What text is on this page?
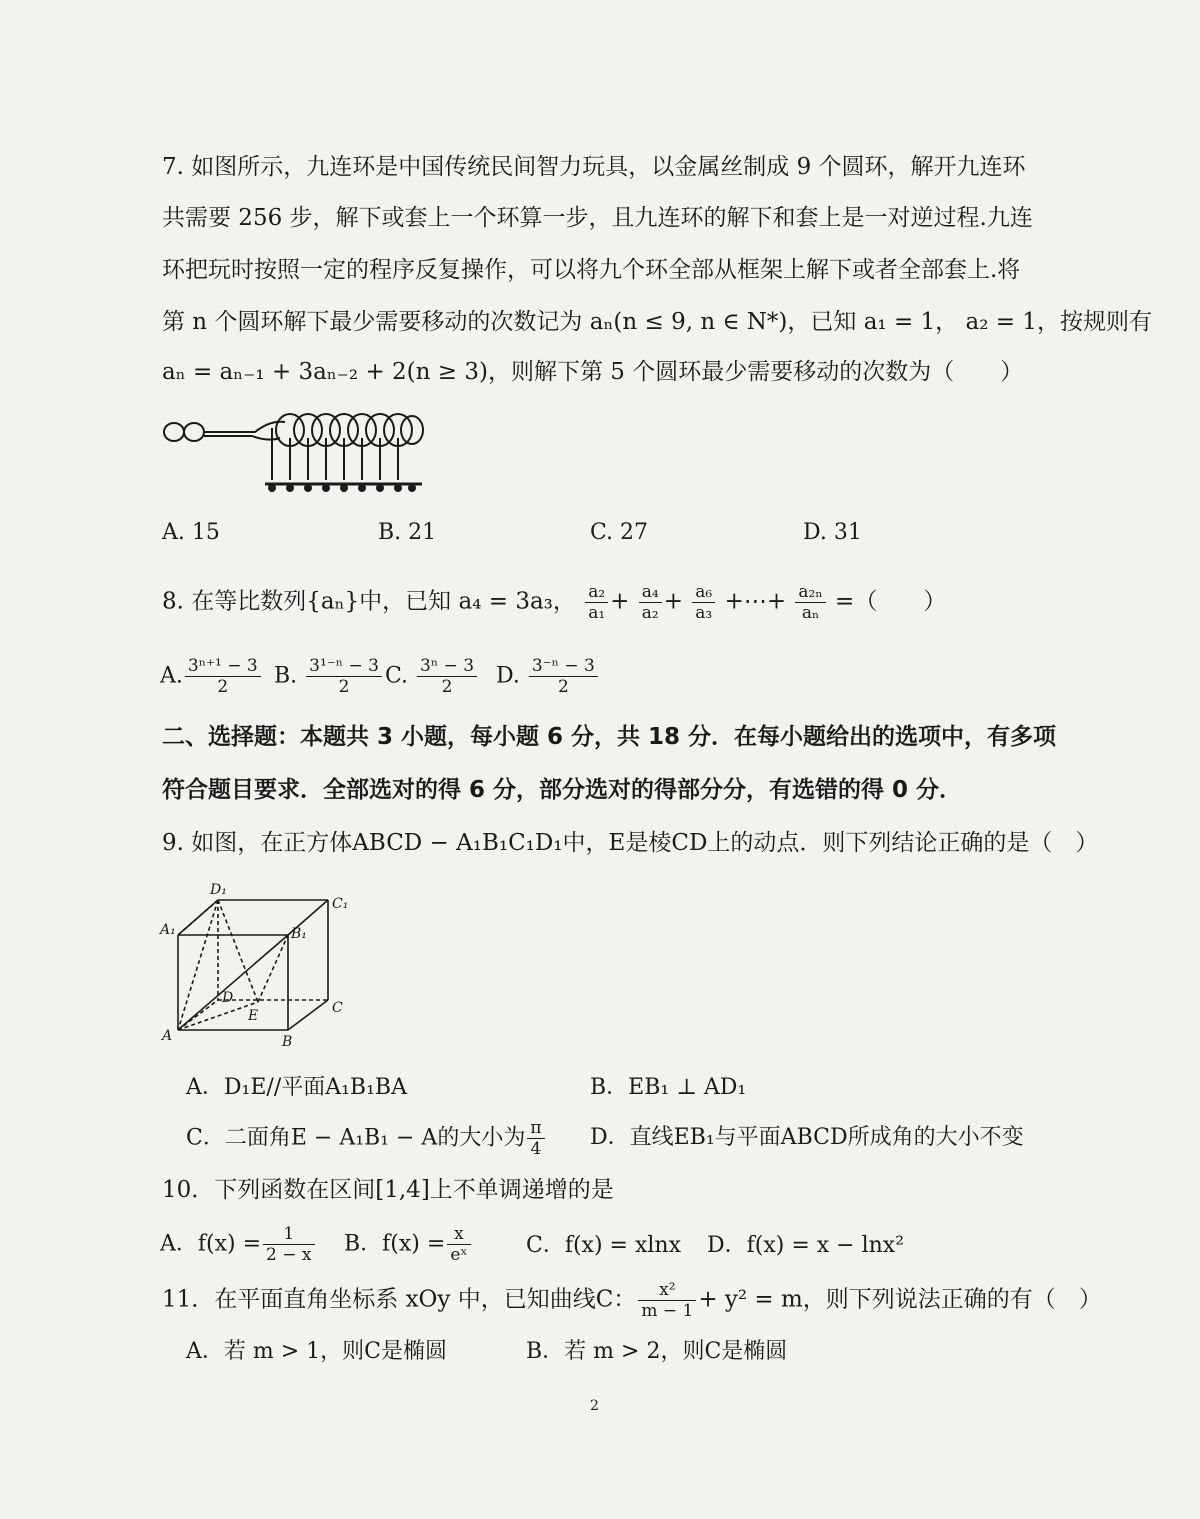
7. 如图所示，九连环是中国传统民间智力玩具，以金属丝制成 9 个圆环，解开九连环
共需要 256 步，解下或套上一个环算一步，且九连环的解下和套上是一对逆过程.九连
环把玩时按照一定的程序反复操作，可以将九个环全部从框架上解下或者全部套上.将
第 n 个圆环解下最少需要移动的次数记为 aₙ(n ≤ 9, n ∈ N*)，已知 a₁ = 1， a₂ = 1，按规则有
aₙ = aₙ₋₁ + 3aₙ₋₂ + 2(n ≥ 3)，则解下第 5 个圆环最少需要移动的次数为（　　）
A. 15	B. 21	C. 27	D. 31
8. 在等比数列{aₙ}中，已知 a₄ = 3a₃， $\frac{\text{a₂}}{\text{a₁}} + \frac{\text{a₄}}{\text{a₂}} + \frac{\text{a₆}}{\text{a₃}}$ +⋯+ $\frac{\text{a₂ₙ}}{\text{aₙ}}$ =（　　）
A. $\frac{\text{3ⁿ⁺¹ − 3}}{2} B$. $\frac{\text{3¹⁻ⁿ − 3}}{2} C$. $\frac{\text{3ⁿ − 3}}{2} D$. $\frac{\text{3⁻ⁿ − 3}}{2}$
二、选择题：本题共 3 小题，每小题 6 分，共 18 分．在每小题给出的选项中，有多项
符合题目要求．全部选对的得 6 分，部分选对的得部分分，有选错的得 0 分．
9. 如图，在正方体ABCD − A₁B₁C₁D₁中，E是棱CD上的动点．则下列结论正确的是（　）
D₁
C₁
A₁	B₁
D
E	C
A	B
A．D₁E//平面A₁B₁BA	B．EB₁ ⊥ AD₁
C．二面角E − A₁B₁ − A的大小为 $\frac{\pi}{4}$ D．直线EB₁与平面ABCD所成角的大小不变
10．下列函数在区间[1,4]上不单调递增的是
A．$f(x) = \frac{1}{2 - x}$ B．$f(x) = \frac{x}{\text{eˣ}}$	C．f(x) = xlnx D．f(x) = x − lnx²
11．在平面直角坐标系 xOy 中，已知曲线C： $\frac{\text{x²}}{m - 1} + y^2 = m$，则下列说法正确的有（　）
A．若 m > 1，则C是椭圆	B．若 m > 2，则C是椭圆
2
